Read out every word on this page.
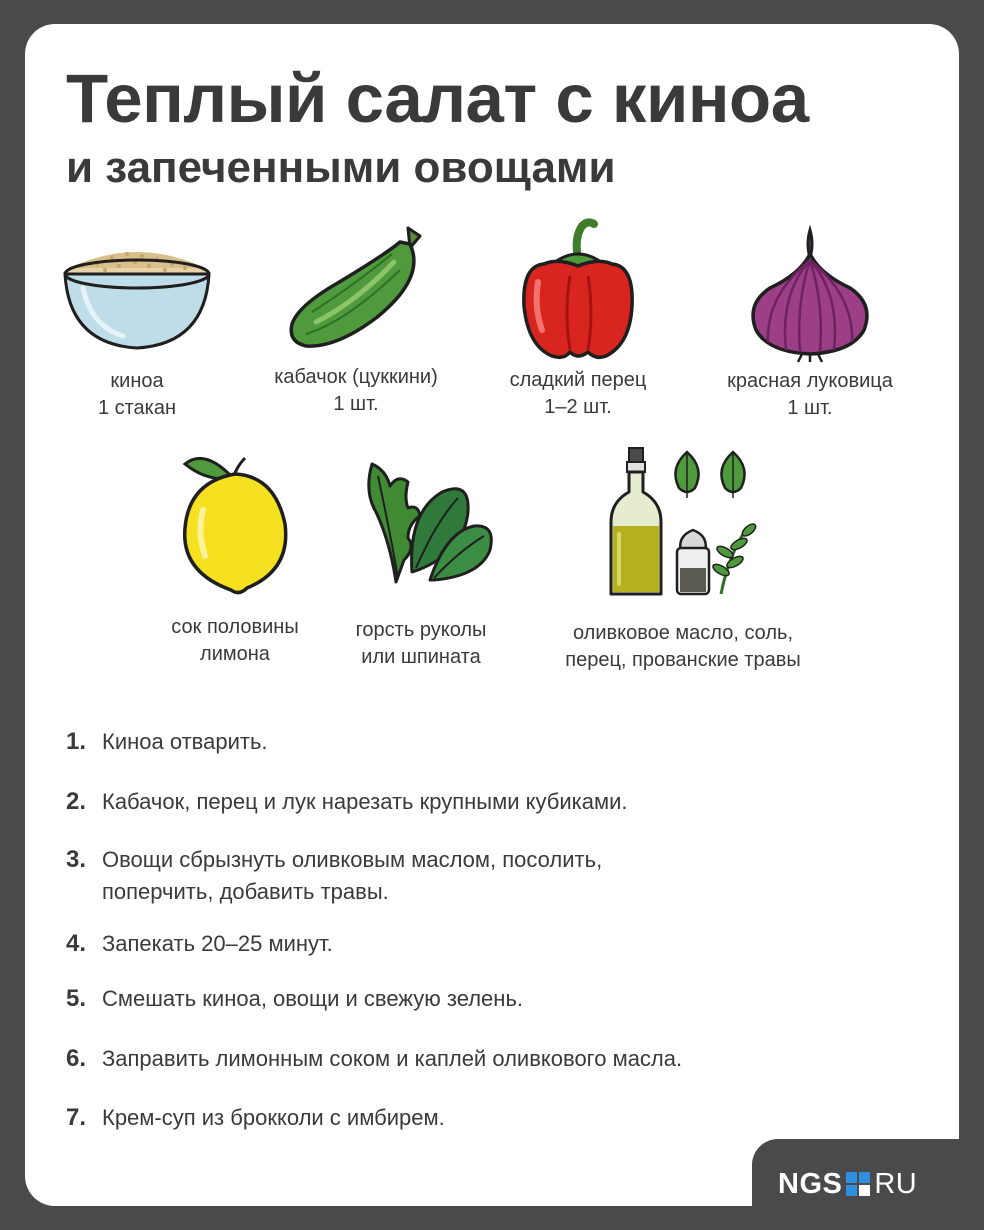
Теплый салат с киноа
и запеченными овощами
киноа
1 стакан
кабачок (цуккини)
1 шт.
сладкий перец
1–2 шт.
красная луковица
1 шт.
сок половины
лимона
горсть руколы
или шпината
оливковое масло, соль,
перец, прованские травы
1. Киноа отварить.
2. Кабачок, перец и лук нарезать крупными кубиками.
3. Овощи сбрызнуть оливковым маслом, посолить,
поперчить, добавить травы.
4. Запекать 20–25 минут.
5. Смешать киноа, овощи и свежую зелень.
6. Заправить лимонным соком и каплей оливкового масла.
7. Крем-суп из брокколи с имбирем.
NGS RU
